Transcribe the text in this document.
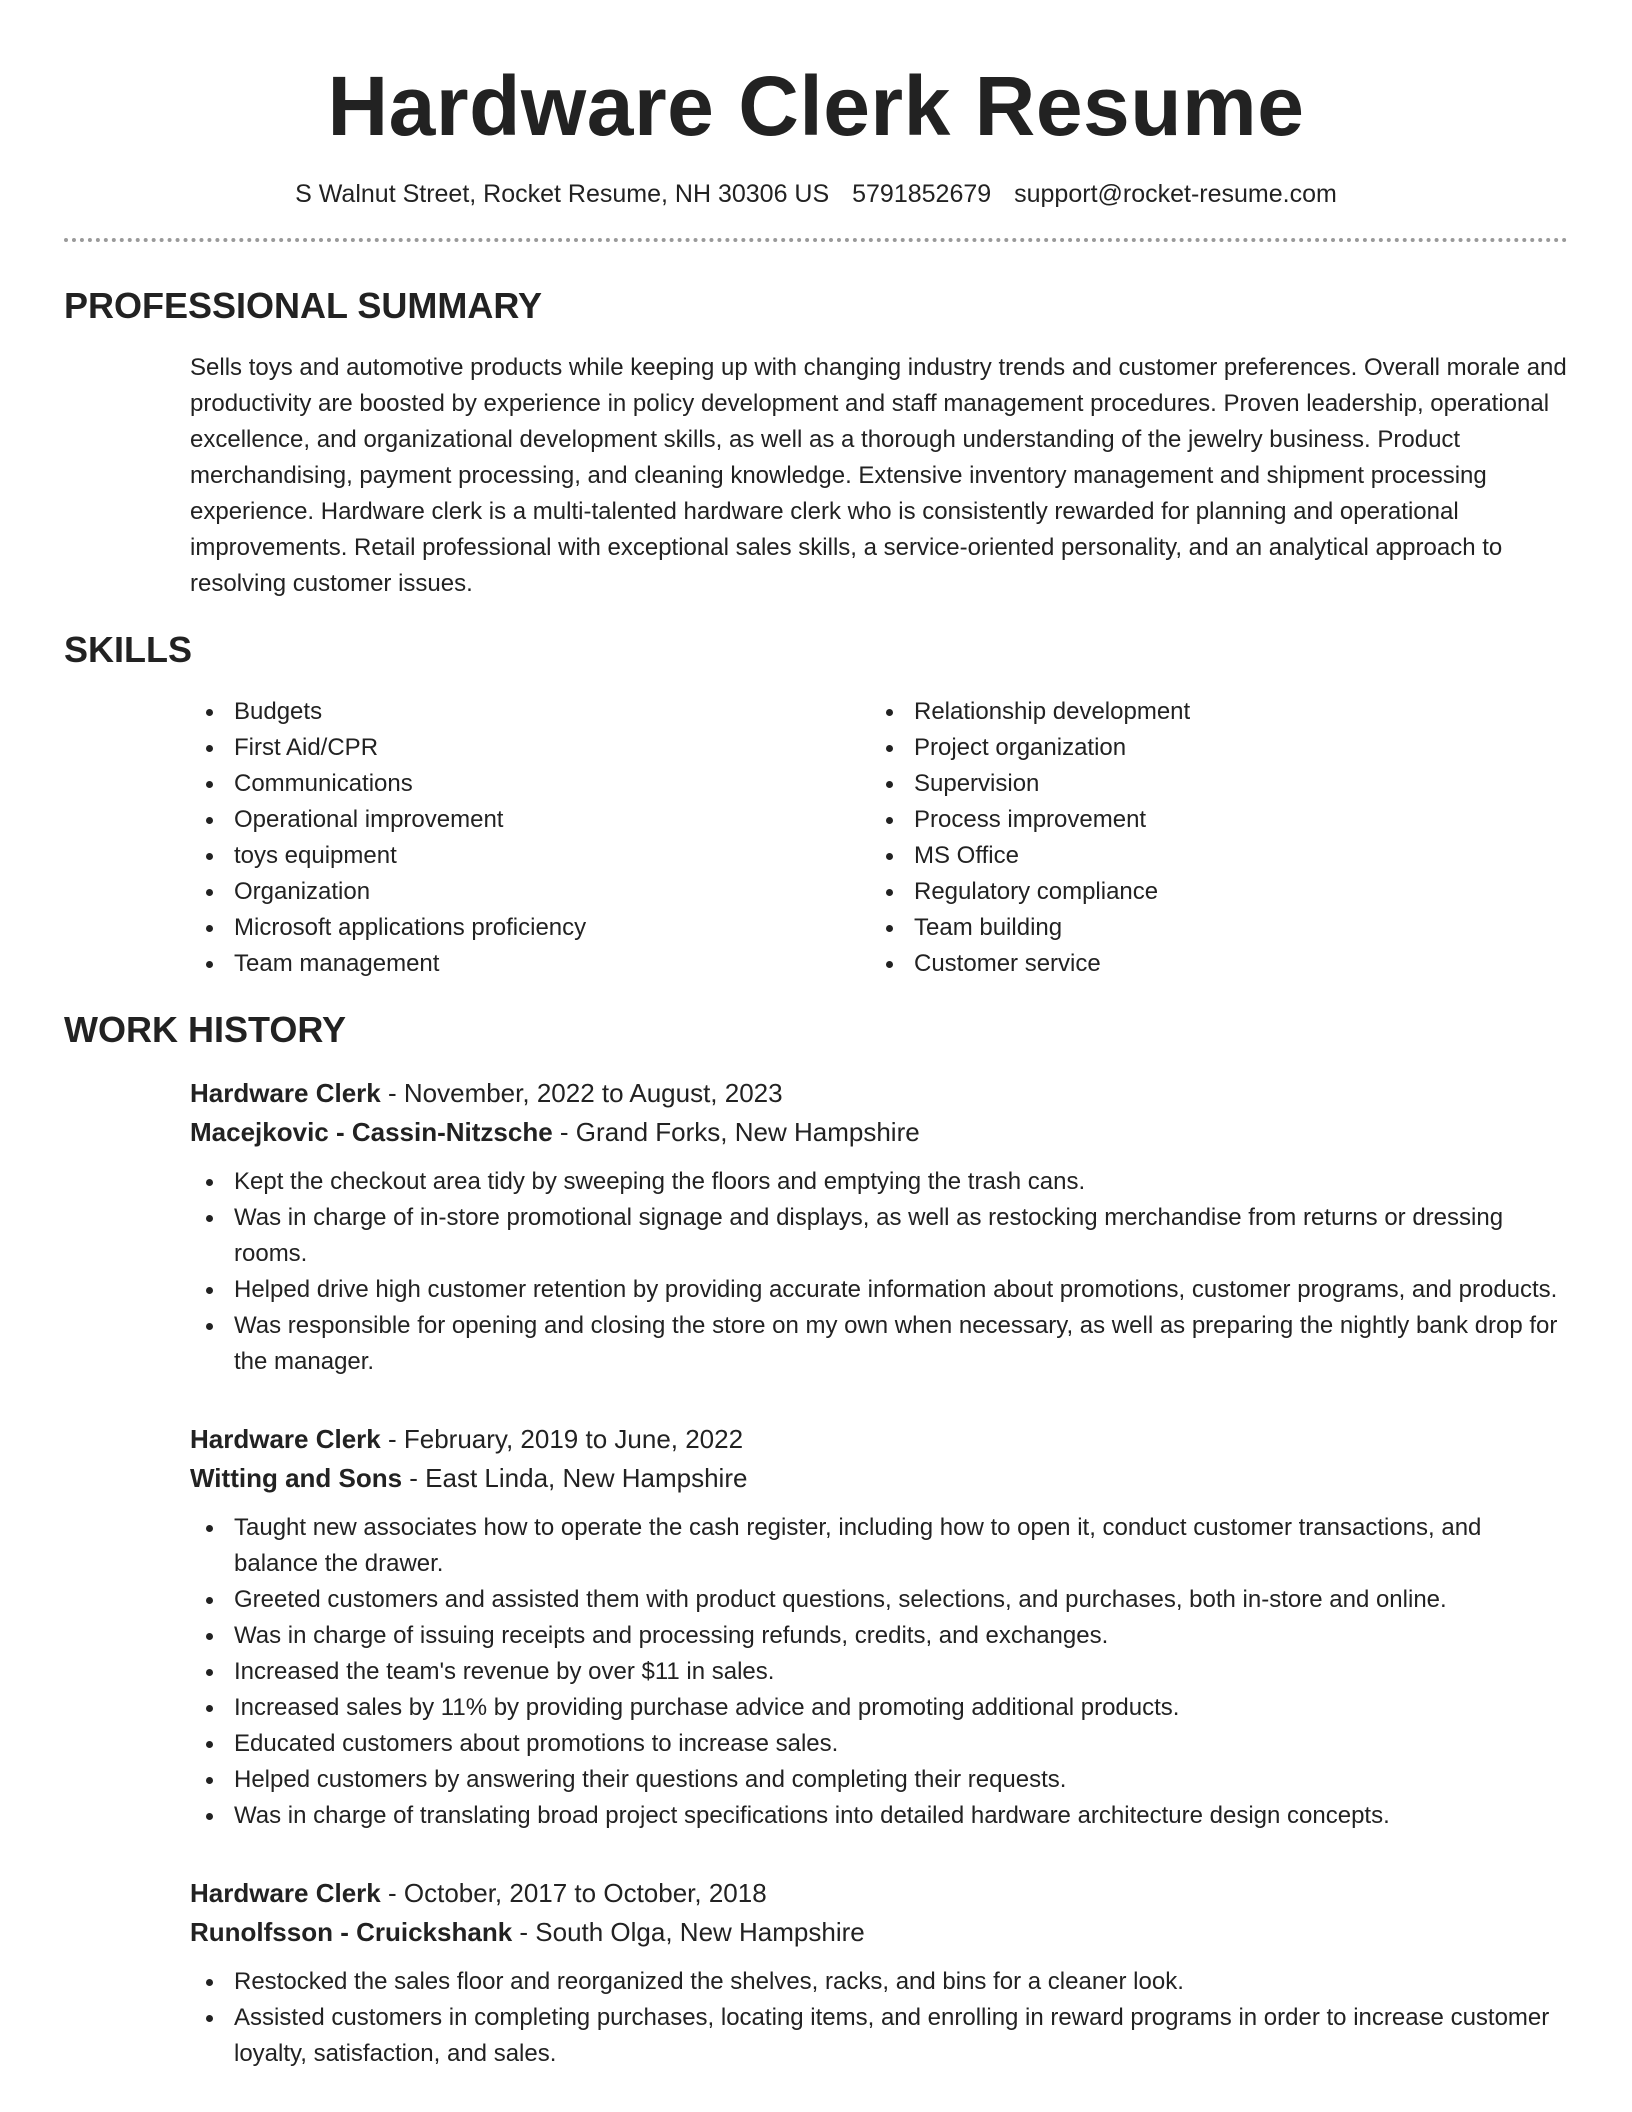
Hardware Clerk Resume
S Walnut Street, Rocket Resume, NH 30306 US 5791852679 support@rocket-resume.com
PROFESSIONAL SUMMARY

Sells toys and automotive products while keeping up with changing industry trends and customer preferences. Overall morale and productivity are boosted by experience in policy development and staff management procedures. Proven leadership, operational excellence, and organizational development skills, as well as a thorough understanding of the jewelry business. Product merchandising, payment processing, and cleaning knowledge. Extensive inventory management and shipment processing experience. Hardware clerk is a multi-talented hardware clerk who is consistently rewarded for planning and operational improvements. Retail professional with exceptional sales skills, a service-oriented personality, and an analytical approach to resolving customer issues.

SKILLS
Budgets
First Aid/CPR
Communications
Operational improvement
toys equipment
Organization
Microsoft applications proficiency
Team management
Relationship development
Project organization
Supervision
Process improvement
MS Office
Regulatory compliance
Team building
Customer service
WORK HISTORY
Hardware Clerk - November, 2022 to August, 2023
Macejkovic - Cassin-Nitzsche - Grand Forks, New Hampshire
Kept the checkout area tidy by sweeping the floors and emptying the trash cans.
Was in charge of in-store promotional signage and displays, as well as restocking merchandise from returns or dressing rooms.
Helped drive high customer retention by providing accurate information about promotions, customer programs, and products.
Was responsible for opening and closing the store on my own when necessary, as well as preparing the nightly bank drop for the manager.
Hardware Clerk - February, 2019 to June, 2022
Witting and Sons - East Linda, New Hampshire
Taught new associates how to operate the cash register, including how to open it, conduct customer transactions, and balance the drawer.
Greeted customers and assisted them with product questions, selections, and purchases, both in-store and online.
Was in charge of issuing receipts and processing refunds, credits, and exchanges.
Increased the team's revenue by over $11 in sales.
Increased sales by 11% by providing purchase advice and promoting additional products.
Educated customers about promotions to increase sales.
Helped customers by answering their questions and completing their requests.
Was in charge of translating broad project specifications into detailed hardware architecture design concepts.
Hardware Clerk - October, 2017 to October, 2018
Runolfsson - Cruickshank - South Olga, New Hampshire
Restocked the sales floor and reorganized the shelves, racks, and bins for a cleaner look.
Assisted customers in completing purchases, locating items, and enrolling in reward programs in order to increase customer loyalty, satisfaction, and sales.
